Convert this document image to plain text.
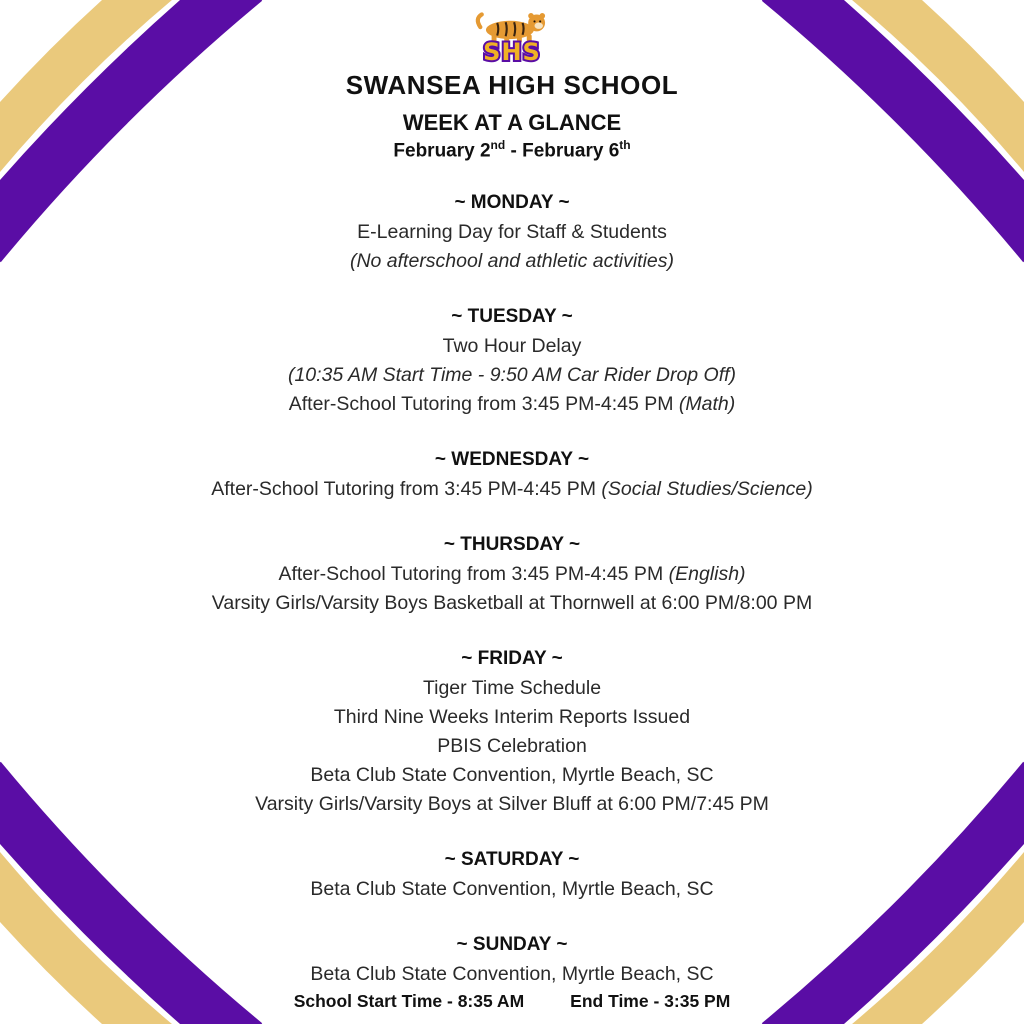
SHS
SWANSEA HIGH SCHOOL
WEEK AT A GLANCE
February 2nd - February 6th
~ MONDAY ~

E-Learning Day for Staff & Students

(No afterschool and athletic activities)

~ TUESDAY ~

Two Hour Delay

(10:35 AM Start Time - 9:50 AM Car Rider Drop Off)

After-School Tutoring from 3:45 PM-4:45 PM (Math)

~ WEDNESDAY ~

After-School Tutoring from 3:45 PM-4:45 PM (Social Studies/Science)

~ THURSDAY ~

After-School Tutoring from 3:45 PM-4:45 PM (English)

Varsity Girls/Varsity Boys Basketball at Thornwell at 6:00 PM/8:00 PM

~ FRIDAY ~

Tiger Time Schedule

Third Nine Weeks Interim Reports Issued

PBIS Celebration

Beta Club State Convention, Myrtle Beach, SC

Varsity Girls/Varsity Boys at Silver Bluff at 6:00 PM/7:45 PM

~ SATURDAY ~

Beta Club State Convention, Myrtle Beach, SC

~ SUNDAY ~

Beta Club State Convention, Myrtle Beach, SC

School Start Time - 8:35 AM	End Time - 3:35 PM
